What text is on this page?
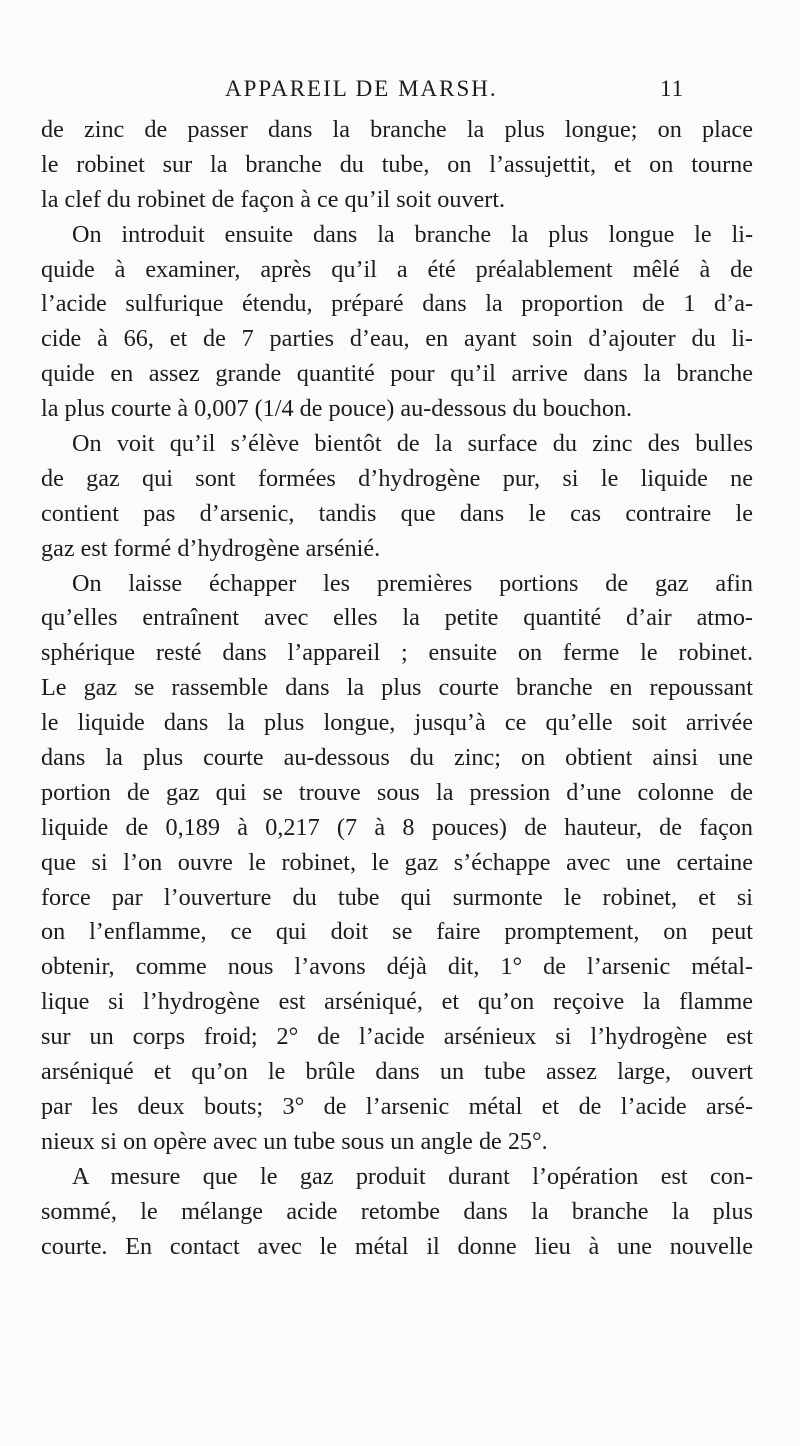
APPAREIL DE MARSH.	11
de zinc de passer dans la branche la plus longue; on place
le robinet sur la branche du tube, on l’assujettit, et on tourne
la clef du robinet de façon à ce qu’il soit ouvert.
On introduit ensuite dans la branche la plus longue le li-
quide à examiner, après qu’il a été préalablement mêlé à de
l’acide sulfurique étendu, préparé dans la proportion de 1 d’a-
cide à 66, et de 7 parties d’eau, en ayant soin d’ajouter du li-
quide en assez grande quantité pour qu’il arrive dans la branche
la plus courte à 0,007 (1/4 de pouce) au-dessous du bouchon.
On voit qu’il s’élève bientôt de la surface du zinc des bulles
de gaz qui sont formées d’hydrogène pur, si le liquide ne
contient pas d’arsenic, tandis que dans le cas contraire le
gaz est formé d’hydrogène arsénié.
On laisse échapper les premières portions de gaz afin
qu’elles entraînent avec elles la petite quantité d’air atmo-
sphérique resté dans l’appareil ; ensuite on ferme le robinet.
Le gaz se rassemble dans la plus courte branche en repoussant
le liquide dans la plus longue, jusqu’à ce qu’elle soit arrivée
dans la plus courte au-dessous du zinc; on obtient ainsi une
portion de gaz qui se trouve sous la pression d’une colonne de
liquide de 0,189 à 0,217 (7 à 8 pouces) de hauteur, de façon
que si l’on ouvre le robinet, le gaz s’échappe avec une certaine
force par l’ouverture du tube qui surmonte le robinet, et si
on l’enflamme, ce qui doit se faire promptement, on peut
obtenir, comme nous l’avons déjà dit, 1° de l’arsenic métal-
lique si l’hydrogène est arséniqué, et qu’on reçoive la flamme
sur un corps froid; 2° de l’acide arsénieux si l’hydrogène est
arséniqué et qu’on le brûle dans un tube assez large, ouvert
par les deux bouts; 3° de l’arsenic métal et de l’acide arsé-
nieux si on opère avec un tube sous un angle de 25°.
A mesure que le gaz produit durant l’opération est con-
sommé, le mélange acide retombe dans la branche la plus
courte. En contact avec le métal il donne lieu à une nouvelle
